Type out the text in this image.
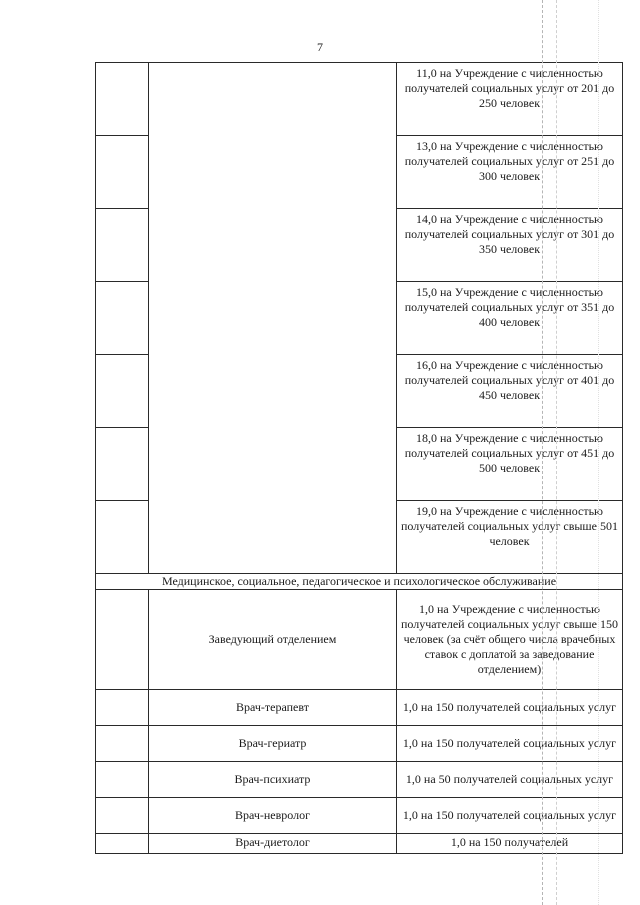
7
		11,0 на Учреждение с численностью получателей социальных услуг от 201 до 250 человек
		13,0 на Учреждение с численностью получателей социальных услуг от 251 до 300 человек
		14,0 на Учреждение с численностью получателей социальных услуг от 301 до 350 человек
		15,0 на Учреждение с численностью получателей социальных услуг от 351 до 400 человек
		16,0 на Учреждение с численностью получателей социальных услуг от 401 до 450 человек
		18,0 на Учреждение с численностью получателей социальных услуг от 451 до 500 человек
		19,0 на Учреждение с численностью получателей социальных услуг свыше 501 человек
Медицинское, социальное, педагогическое и психологическое обслуживание		
	Заведующий отделением	1,0 на Учреждение с численностью получателей социальных услуг свыше 150 человек (за счёт общего числа врачебных ставок с доплатой за заведование отделением)
	Врач-терапевт	1,0 на 150 получателей социальных услуг
	Врач-гериатр	1,0 на 150 получателей социальных услуг
	Врач-психиатр	1,0 на 50 получателей социальных услуг
	Врач-невролог	1,0 на 150 получателей социальных услуг
	Врач-диетолог	1,0 на 150 получателей
